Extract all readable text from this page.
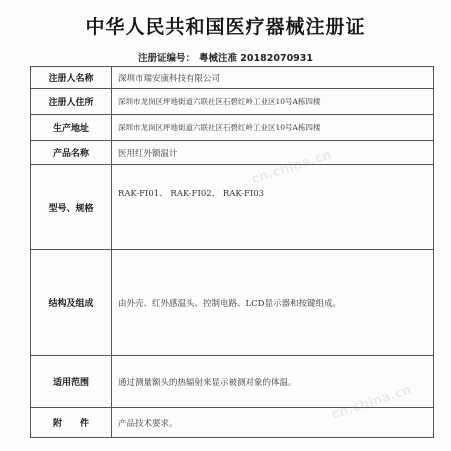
中华人民共和国医疗器械注册证
注册证编号： 粤械注准 20182070931
注册人名称	深圳市瑞安康科技有限公司
注册人住所	深圳市龙岗区坪地街道六联社区石碧红岭工业区10号A栋四楼
生产地址	深圳市龙岗区坪地街道六联社区石碧红岭工业区10号A栋四楼
产品名称	医用红外额温计
型号、规格	RAK-FI01、 RAK-FI02、 RAK-FI03
结构及组成	由外壳、红外感温头、控制电路、LCD显示器和按键组成。
适用范围	通过测量额头的热辐射来显示被测对象的体温。
附　　件	产品技术要求。
cn.china.cn
cn.china.cn
